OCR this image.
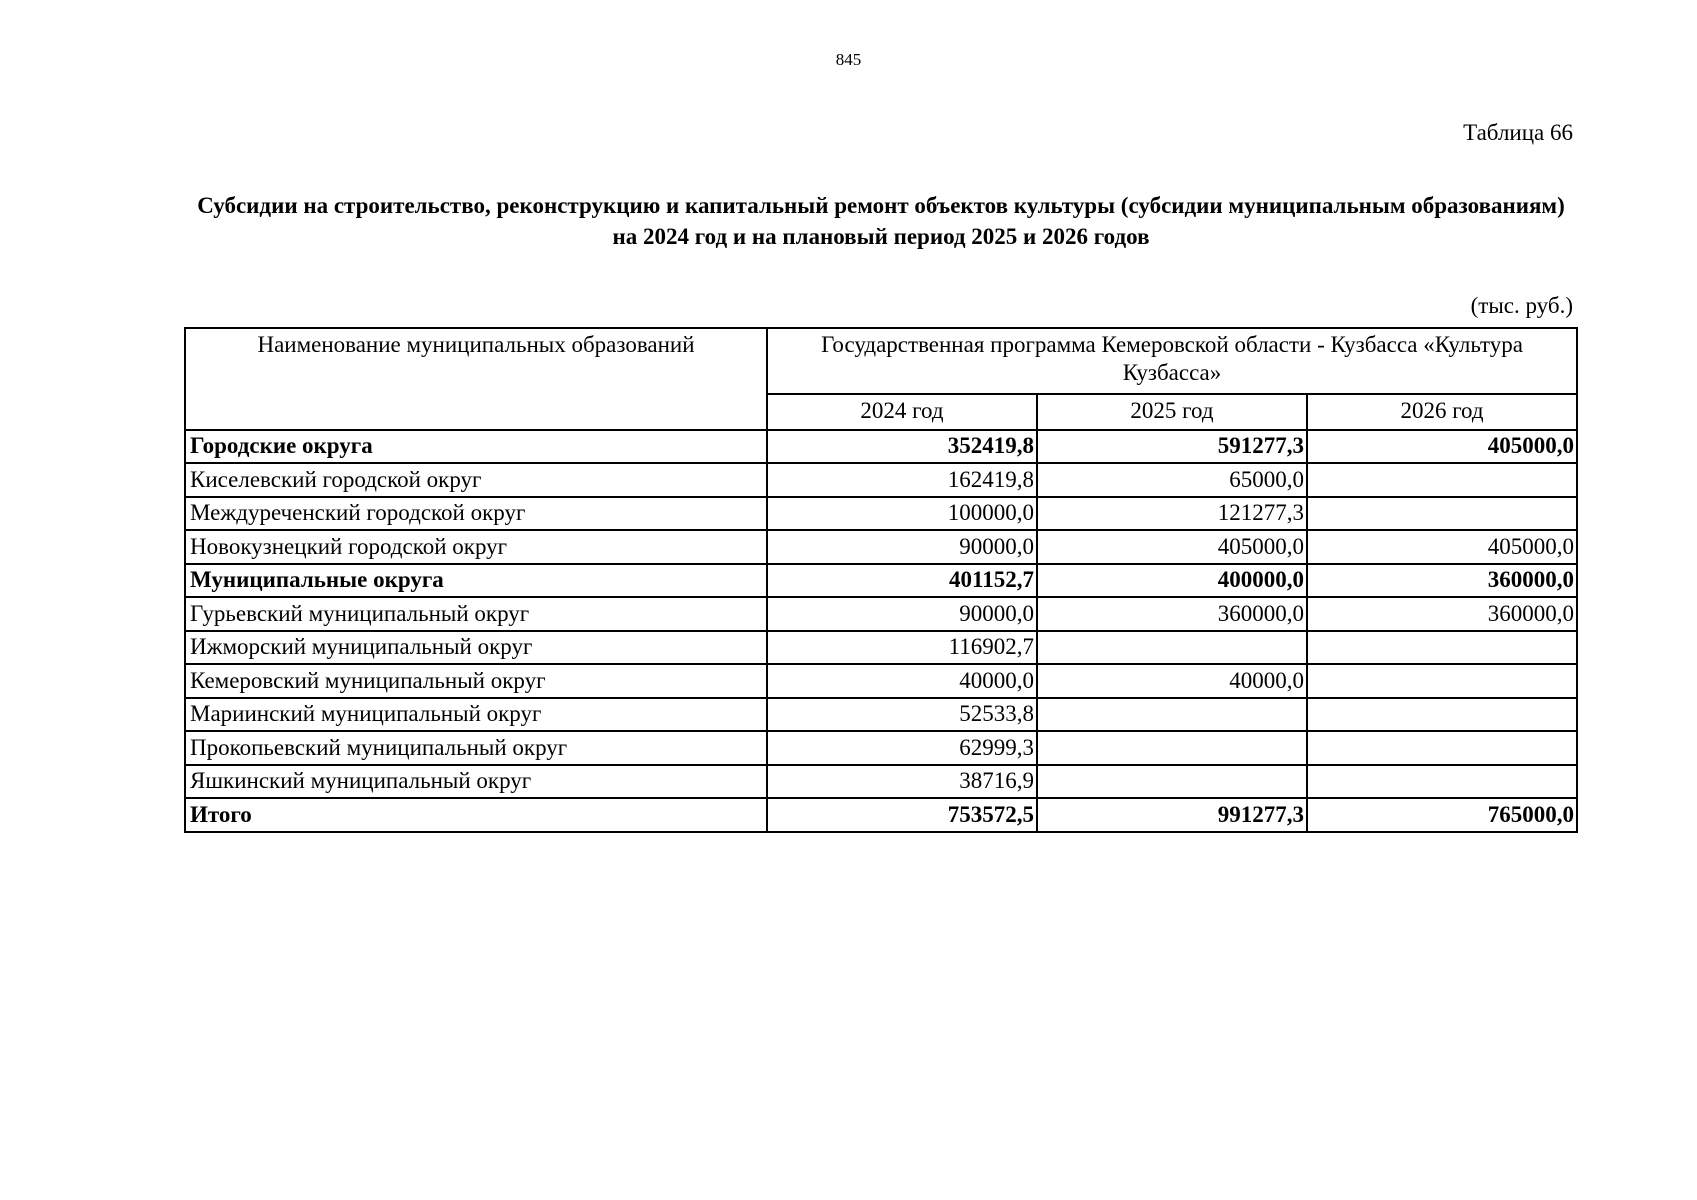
845
Таблица 66
Субсидии на строительство, реконструкцию и капитальный ремонт объектов культуры (субсидии муниципальным образованиям) на 2024 год и на плановый период 2025 и 2026 годов
(тыс. руб.)
Наименование муниципальных образований	Государственная программа Кемеровской области - Кузбасса «Культура Кузбасса»		
	2024 год	2025 год	2026 год
Городские округа	352419,8	591277,3	405000,0
Киселевский городской округ	162419,8	65000,0	
Междуреченский городской округ	100000,0	121277,3	
Новокузнецкий городской округ	90000,0	405000,0	405000,0
Муниципальные округа	401152,7	400000,0	360000,0
Гурьевский муниципальный округ	90000,0	360000,0	360000,0
Ижморский муниципальный округ	116902,7		
Кемеровский муниципальный округ	40000,0	40000,0	
Мариинский муниципальный округ	52533,8		
Прокопьевский муниципальный округ	62999,3		
Яшкинский муниципальный округ	38716,9		
Итого	753572,5	991277,3	765000,0
